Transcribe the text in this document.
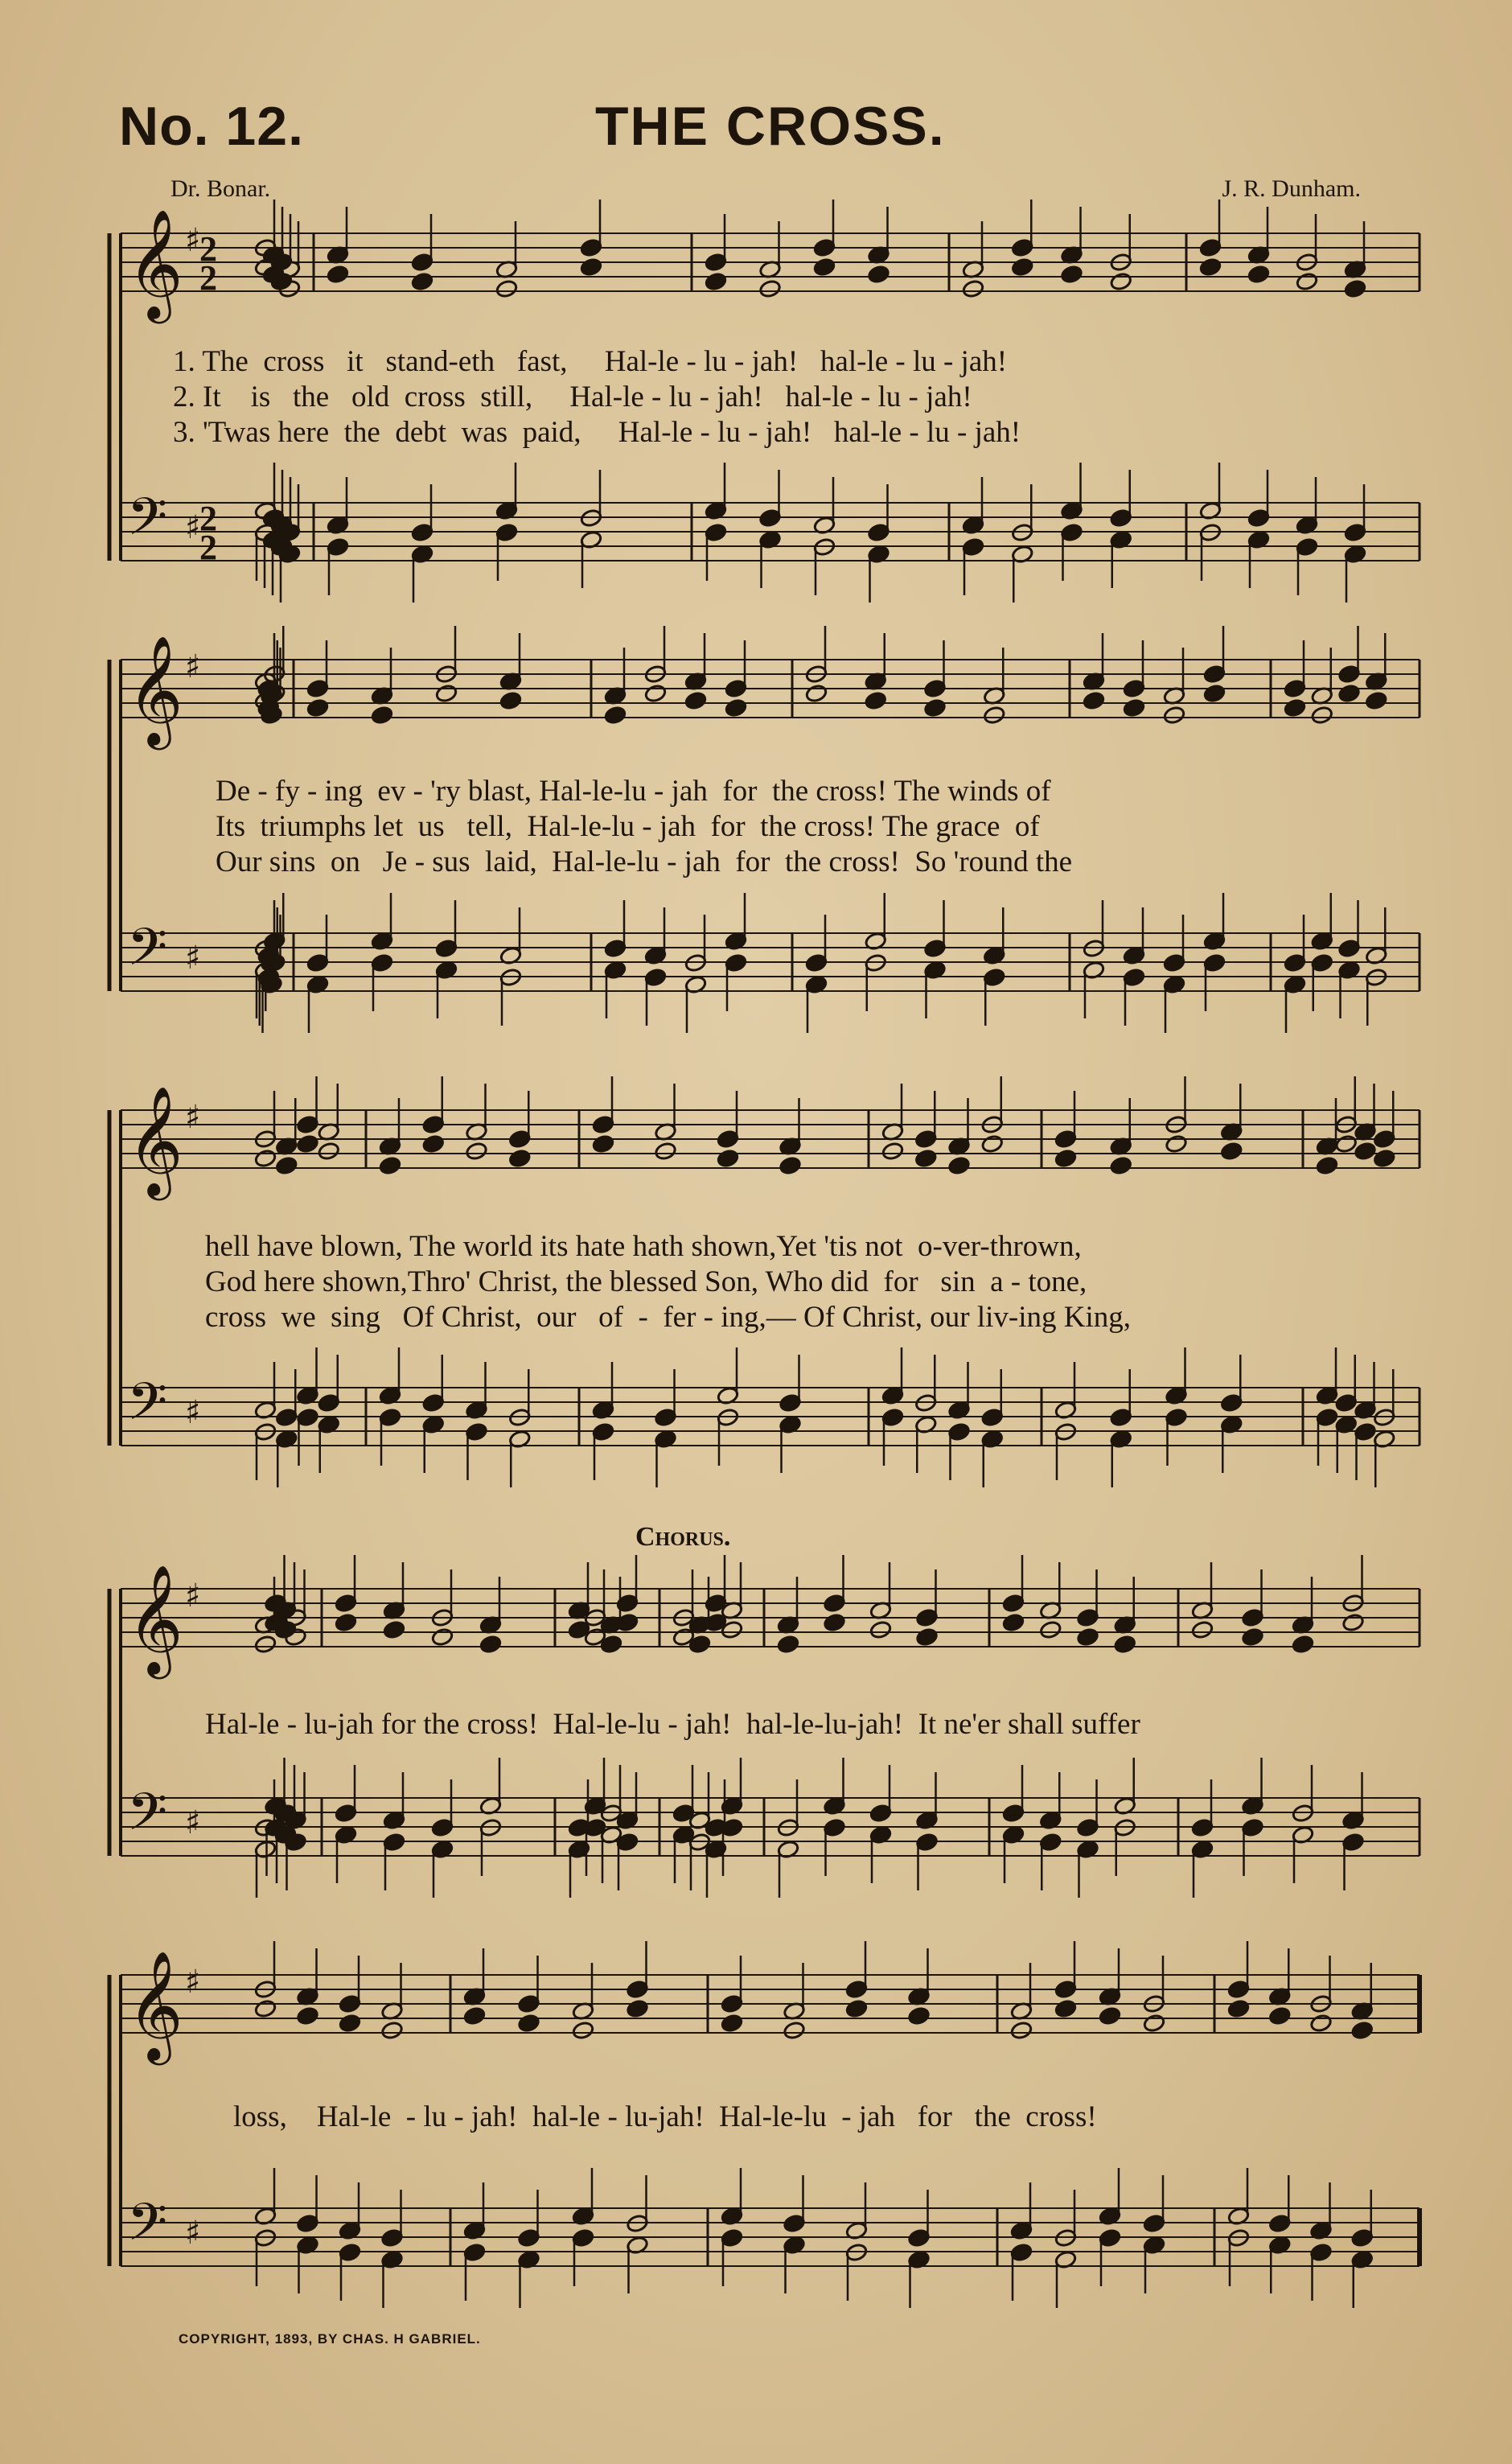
No. 12.	THE CROSS.
Dr. Bonar.	J. R. Dunham.
𝄞
𝄢
♯
♯
2
2
2
2
𝄞
𝄢
♯
♯
𝄞
𝄢
♯
♯
𝄞
𝄢
♯
♯
𝄞
𝄢
♯
♯
1. The  cross   it   stand-eth   fast,     Hal-le - lu - jah!   hal-le - lu - jah!
2. It    is   the   old  cross  still,     Hal-le - lu - jah!   hal-le - lu - jah!
3. 'Twas here  the  debt  was  paid,     Hal-le - lu - jah!   hal-le - lu - jah!
De - fy - ing  ev - 'ry blast, Hal-le-lu - jah  for  the cross! The winds of
Its  triumphs let  us   tell,  Hal-le-lu - jah  for  the cross! The grace  of
Our sins  on   Je - sus  laid,  Hal-le-lu - jah  for  the cross!  So 'round the
hell have blown, The world its hate hath shown,Yet 'tis not  o-ver-thrown,
God here shown,Thro' Christ, the blessed Son, Who did  for   sin  a - tone,
cross  we  sing   Of Christ,  our   of  -  fer - ing,— Of Christ, our liv-ing King,
Chorus.
Hal-le - lu-jah for the cross!  Hal-le-lu - jah!  hal-le-lu-jah!  It ne'er shall suffer
loss,    Hal-le  - lu - jah!  hal-le - lu-jah!  Hal-le-lu  - jah   for   the  cross!
COPYRIGHT, 1893, BY CHAS. H GABRIEL.
